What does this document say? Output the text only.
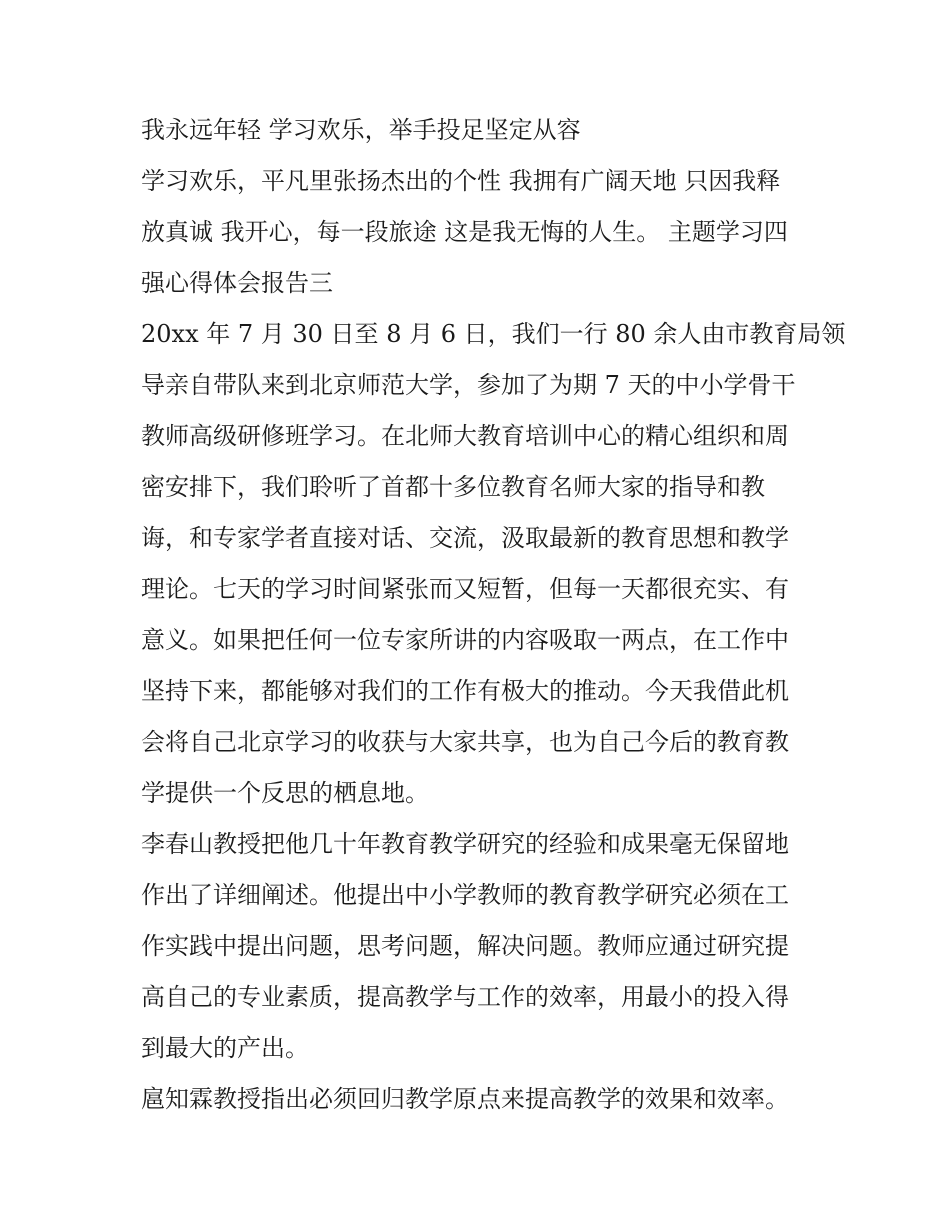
我永远年轻 学习欢乐，举手投足坚定从容
学习欢乐，平凡里张扬杰出的个性 我拥有广阔天地 只因我释
放真诚 我开心，每一段旅途 这是我无悔的人生。 主题学习四
强心得体会报告三
20xx 年 7 月 30 日至 8 月 6 日，我们一行 80 余人由市教育局领
导亲自带队来到北京师范大学，参加了为期 7 天的中小学骨干
教师高级研修班学习。在北师大教育培训中心的精心组织和周
密安排下，我们聆听了首都十多位教育名师大家的指导和教
诲，和专家学者直接对话、交流，汲取最新的教育思想和教学
理论。七天的学习时间紧张而又短暂，但每一天都很充实、有
意义。如果把任何一位专家所讲的内容吸取一两点，在工作中
坚持下来，都能够对我们的工作有极大的推动。今天我借此机
会将自己北京学习的收获与大家共享，也为自己今后的教育教
学提供一个反思的栖息地。
李春山教授把他几十年教育教学研究的经验和成果毫无保留地
作出了详细阐述。他提出中小学教师的教育教学研究必须在工
作实践中提出问题，思考问题，解决问题。教师应通过研究提
高自己的专业素质，提高教学与工作的效率，用最小的投入得
到最大的产出。
扈知霖教授指出必须回归教学原点来提高教学的效果和效率。
